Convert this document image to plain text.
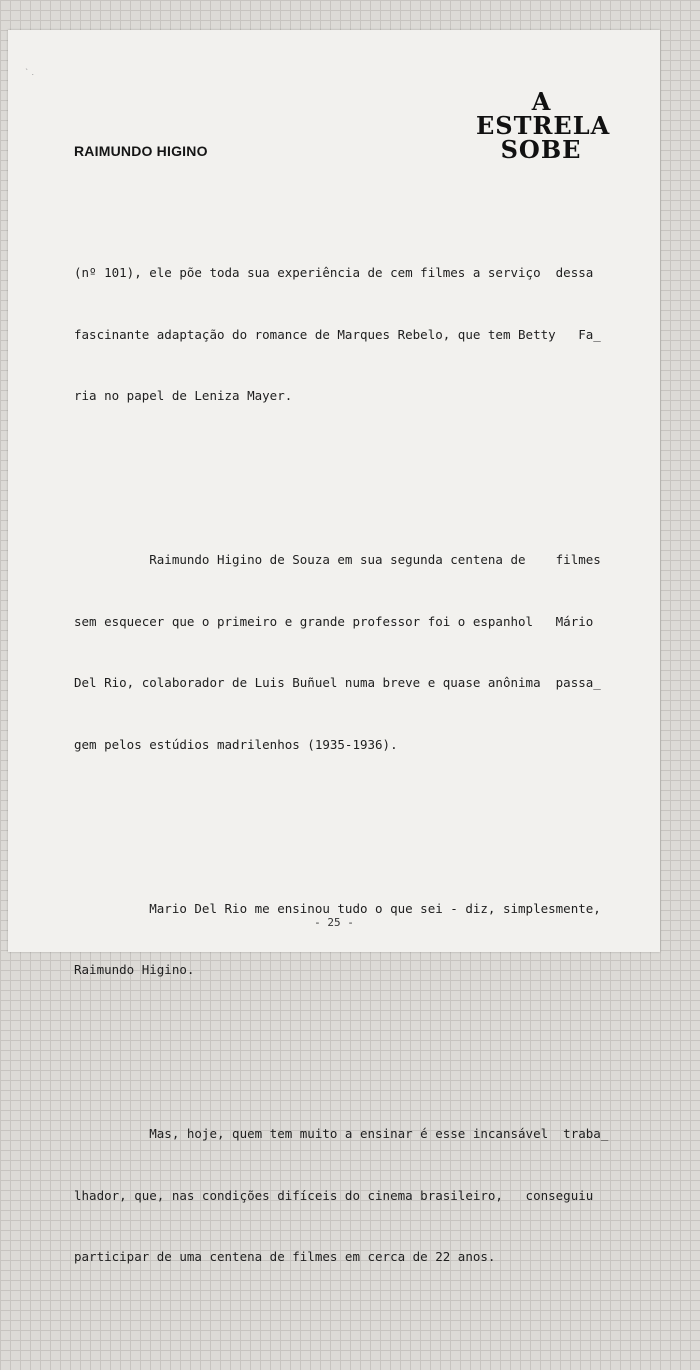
` .
A
ESTRELA
SOBE
RAIMUNDO HIGINO

(nº 101), ele põe toda sua experiência de cem filmes a serviço  dessa

fascinante adaptação do romance de Marques Rebelo, que tem Betty   Fa̲

ria no papel de Leniza Mayer.

Raimundo Higino de Souza em sua segunda centena de    filmes

sem esquecer que o primeiro e grande professor foi o espanhol   Mário

Del Rio, colaborador de Luis Buñuel numa breve e quase anônima  passa̲

gem pelos estúdios madrilenhos (1935-1936).

Mario Del Rio me ensinou tudo o que sei - diz, simplesmente,

Raimundo Higino.

Mas, hoje, quem tem muito a ensinar é esse incansável  traba̲

lhador, que, nas condições difíceis do cinema brasileiro,   conseguiu

participar de uma centena de filmes em cerca de 22 anos.

- 25 -
